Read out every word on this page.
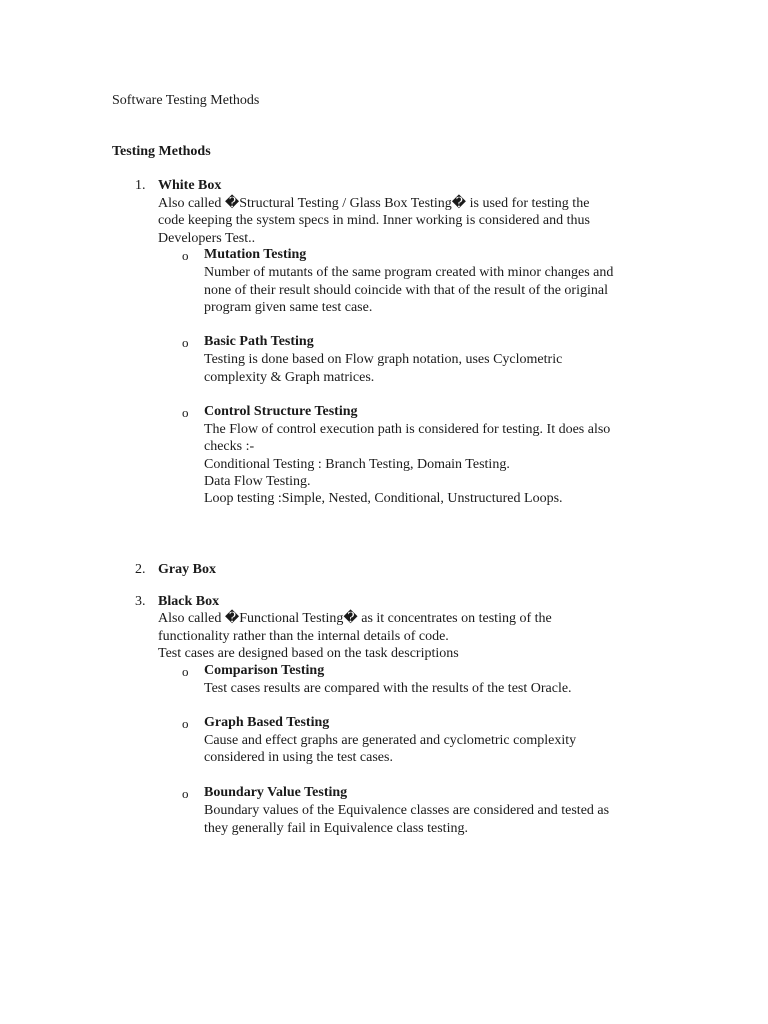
Software Testing Methods
Testing Methods
1. White Box
Also called �Structural Testing / Glass Box Testing� is used for testing the
code keeping the system specs in mind. Inner working is considered and thus
Developers Test..
o Mutation Testing
Number of mutants of the same program created with minor changes and
none of their result should coincide with that of the result of the original
program given same test case.
o Basic Path Testing
Testing is done based on Flow graph notation, uses Cyclometric
complexity & Graph matrices.
o Control Structure Testing
The Flow of control execution path is considered for testing. It does also
checks :-
Conditional Testing : Branch Testing, Domain Testing.
Data Flow Testing.
Loop testing :Simple, Nested, Conditional, Unstructured Loops.
2. Gray Box
3. Black Box
Also called �Functional Testing� as it concentrates on testing of the
functionality rather than the internal details of code.
Test cases are designed based on the task descriptions
o Comparison Testing
Test cases results are compared with the results of the test Oracle.
o Graph Based Testing
Cause and effect graphs are generated and cyclometric complexity
considered in using the test cases.
o Boundary Value Testing
Boundary values of the Equivalence classes are considered and tested as
they generally fail in Equivalence class testing.
